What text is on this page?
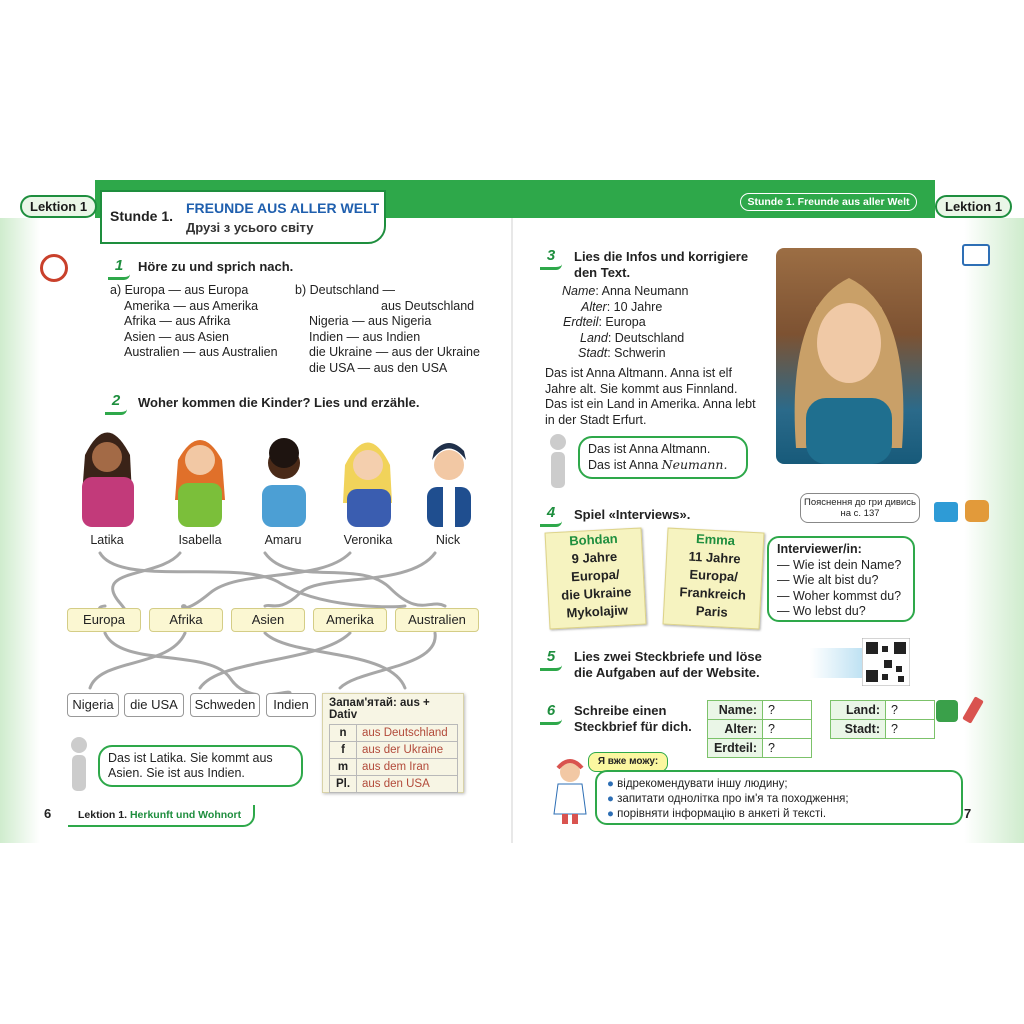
Lektion 1
Stunde 1. FREUNDE AUS ALLER WELT
Друзі з усього світу
Stunde 1. Freunde aus aller Welt	Lektion 1
1	Höre zu und sprich nach.
a) Europa — aus Europa
Amerika — aus Amerika
Afrika — aus Afrika
Asien — aus Asien
Australien — aus Australien
b) Deutschland —
aus Deutschland
Nigeria — aus Nigeria
Indien — aus Indien
die Ukraine — aus der Ukraine
die USA — aus den USA
2	Woher kommen die Kinder? Lies und erzähle.
Latika	Isabella	Amaru	Veronika	Nick
Europa	Afrika	Asien	Amerika	Australien
Nigeria	die USA	Schweden	Indien
Das ist Latika. Sie kommt aus Asien. Sie ist aus Indien.
Запам'ятай: aus + Dativ
n	aus Deutschland
f	aus der Ukraine
m	aus dem Iran
Pl.	aus den USA
6	Lektion 1. Herkunft und Wohnort
3	Lies die Infos und korrigiere den Text.
Name: Anna Neumann
Alter: 10 Jahre
Erdteil: Europa
Land: Deutschland
Stadt: Schwerin
Das ist Anna Altmann. Anna ist elf Jahre alt. Sie kommt aus Finnland. Das ist ein Land in Amerika. Anna lebt in der Stadt Erfurt.
Das ist Anna Altmann.
Das ist Anna Neumann.
4	Spiel «Interviews».
Пояснення до гри дивись на с. 137
Bohdan
9 Jahre
Europa/
die Ukraine
Mykolajiw
Emma
11 Jahre
Europa/
Frankreich
Paris
Interviewer/in:
— Wie ist dein Name?
— Wie alt bist du?
— Woher kommst du?
— Wo lebst du?
5	Lies zwei Steckbriefe und löse die Aufgaben auf der Website.
6	Schreibe einen Steckbrief für dich.
Name:	?		Land:	?
Alter:	?		Stadt:	?
Erdteil:	?			
Я вже можу:
● відрекомендувати іншу людину;
● запитати однолітка про ім'я та походження;
● порівняти інформацію в анкеті й тексті.	7
